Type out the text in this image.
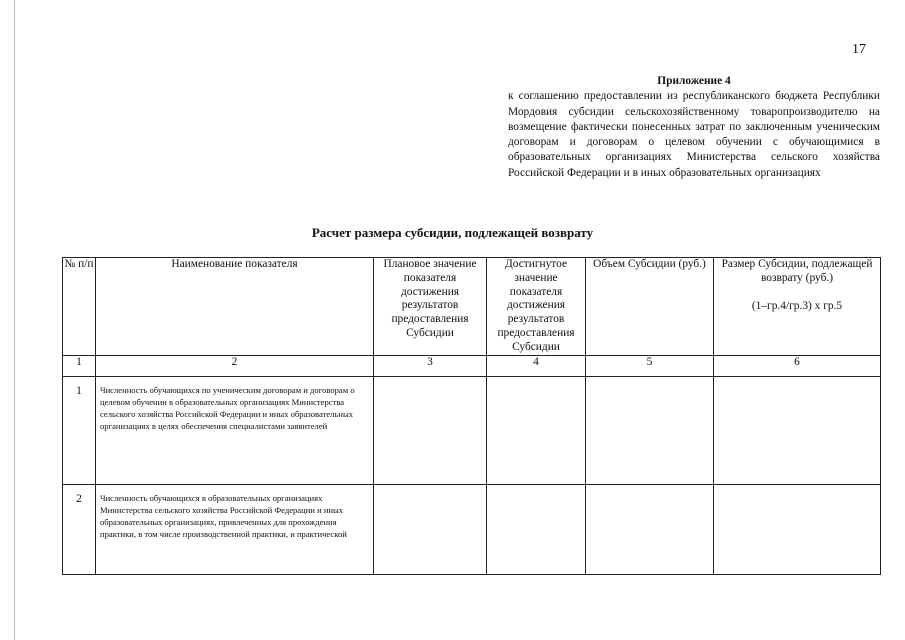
17
Приложение 4
к соглашению предоставлении из республиканского бюджета Республики Мордовия субсидии сельскохозяйственному товаропроизводителю на возмещение фактически понесенных затрат по заключенным ученическим договорам и договорам о целевом обучении с обучающимися в образовательных организациях Министерства сельского хозяйства Российской Федерации и в иных образовательных организациях
Расчет размера субсидии, подлежащей возврату
№ п/п	Наименование показателя	Плановое значение показателя достижения результатов предоставления Субсидии	Достигнутое значение показателя достижения результатов предоставления Субсидии	Объем Субсидии (руб.)	Размер Субсидии, подлежащей возврату (руб.)
(1–гр.4/гр.3) x гр.5

1	2	3	4	5	6
1	Численность обучающихся по ученическим договорам и договорам о целевом обучении в образовательных организациях Министерства сельского хозяйства Российской Федерации и иных образовательных организациях в целях обеспечения специалистами заявителей				
2	Численность обучающихся в образовательных организациях Министерства сельского хозяйства Российской Федерации и иных образовательных организациях, привлеченных для прохождения практики, в том числе производственной практики, и практической				
